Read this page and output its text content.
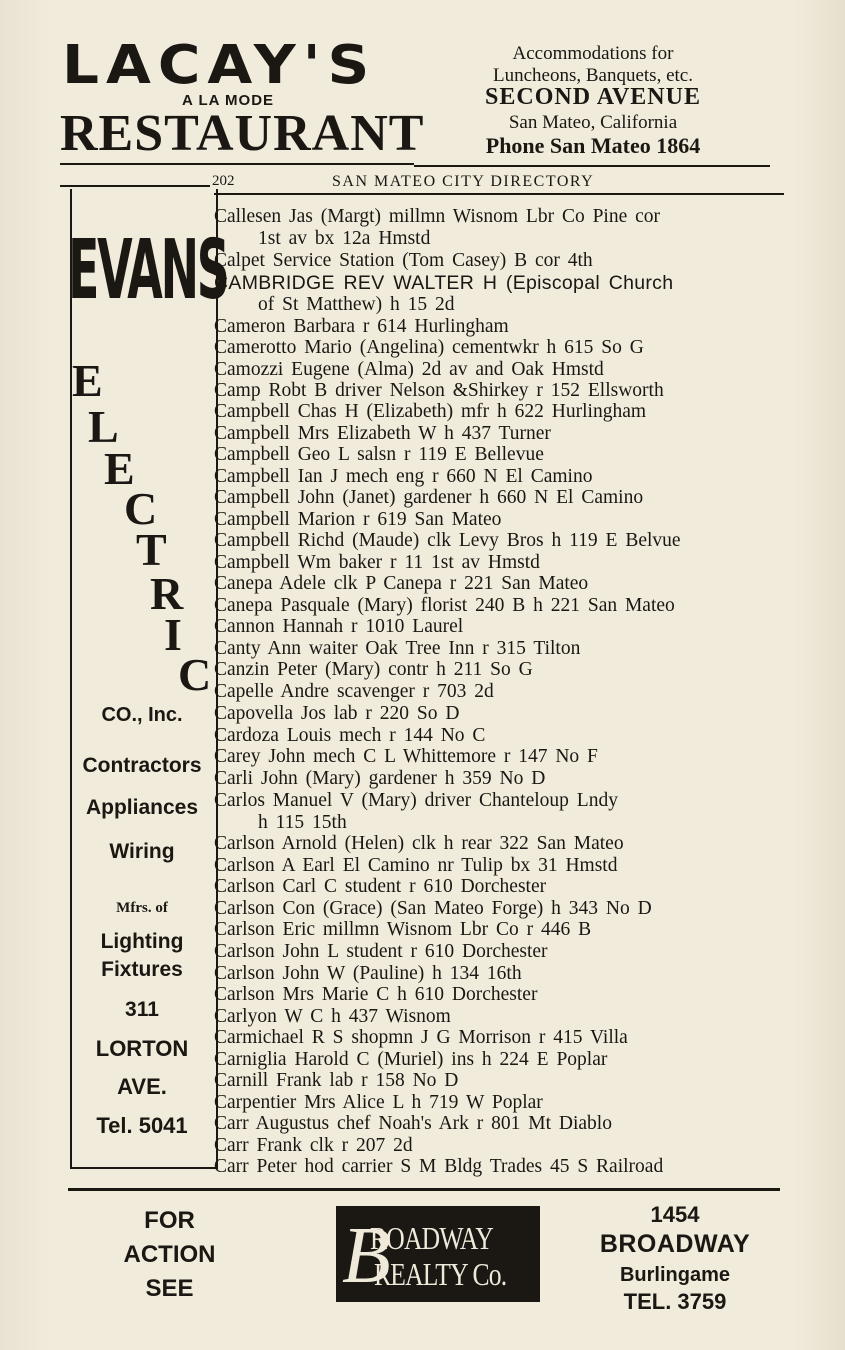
LACAY'S
A LA MODE
RESTAURANT
Accommodations for
Luncheons, Banquets, etc.
SECOND AVENUE
San Mateo, California
Phone San Mateo 1864
202	SAN MATEO CITY DIRECTORY
EVANS
E
L
E
C
T
R
I
C
CO., Inc.
Contractors
Appliances
Wiring
Mfrs. of
Lighting
Fixtures
311
LORTON
AVE.
Tel. 5041
Callesen Jas (Margt) millmn Wisnom Lbr Co Pine cor
1st av bx 12a Hmstd
Calpet Service Station (Tom Casey) B cor 4th
CAMBRIDGE REV WALTER H (Episcopal Church
of St Matthew) h 15 2d
Cameron Barbara r 614 Hurlingham
Camerotto Mario (Angelina) cementwkr h 615 So G
Camozzi Eugene (Alma) 2d av and Oak Hmstd
Camp Robt B driver Nelson &Shirkey r 152 Ellsworth
Campbell Chas H (Elizabeth) mfr h 622 Hurlingham
Campbell Mrs Elizabeth W h 437 Turner
Campbell Geo L salsn r 119 E Bellevue
Campbell Ian J mech eng r 660 N El Camino
Campbell John (Janet) gardener h 660 N El Camino
Campbell Marion r 619 San Mateo
Campbell Richd (Maude) clk Levy Bros h 119 E Belvue
Campbell Wm baker r 11 1st av Hmstd
Canepa Adele clk P Canepa r 221 San Mateo
Canepa Pasquale (Mary) florist 240 B h 221 San Mateo
Cannon Hannah r 1010 Laurel
Canty Ann waiter Oak Tree Inn r 315 Tilton
Canzin Peter (Mary) contr h 211 So G
Capelle Andre scavenger r 703 2d
Capovella Jos lab r 220 So D
Cardoza Louis mech r 144 No C
Carey John mech C L Whittemore r 147 No F
Carli John (Mary) gardener h 359 No D
Carlos Manuel V (Mary) driver Chanteloup Lndy
h 115 15th
Carlson Arnold (Helen) clk h rear 322 San Mateo
Carlson A Earl El Camino nr Tulip bx 31 Hmstd
Carlson Carl C student r 610 Dorchester
Carlson Con (Grace) (San Mateo Forge) h 343 No D
Carlson Eric millmn Wisnom Lbr Co r 446 B
Carlson John L student r 610 Dorchester
Carlson John W (Pauline) h 134 16th
Carlson Mrs Marie C h 610 Dorchester
Carlyon W C h 437 Wisnom
Carmichael R S shopmn J G Morrison r 415 Villa
Carniglia Harold C (Muriel) ins h 224 E Poplar
Carnill Frank lab r 158 No D
Carpentier Mrs Alice L h 719 W Poplar
Carr Augustus chef Noah's Ark r 801 Mt Diablo
Carr Frank clk r 207 2d
Carr Peter hod carrier S M Bldg Trades 45 S Railroad
FOR
ACTION
SEE	B
ROADWAY
REALTY Co.
1454
BROADWAY
Burlingame
TEL. 3759
